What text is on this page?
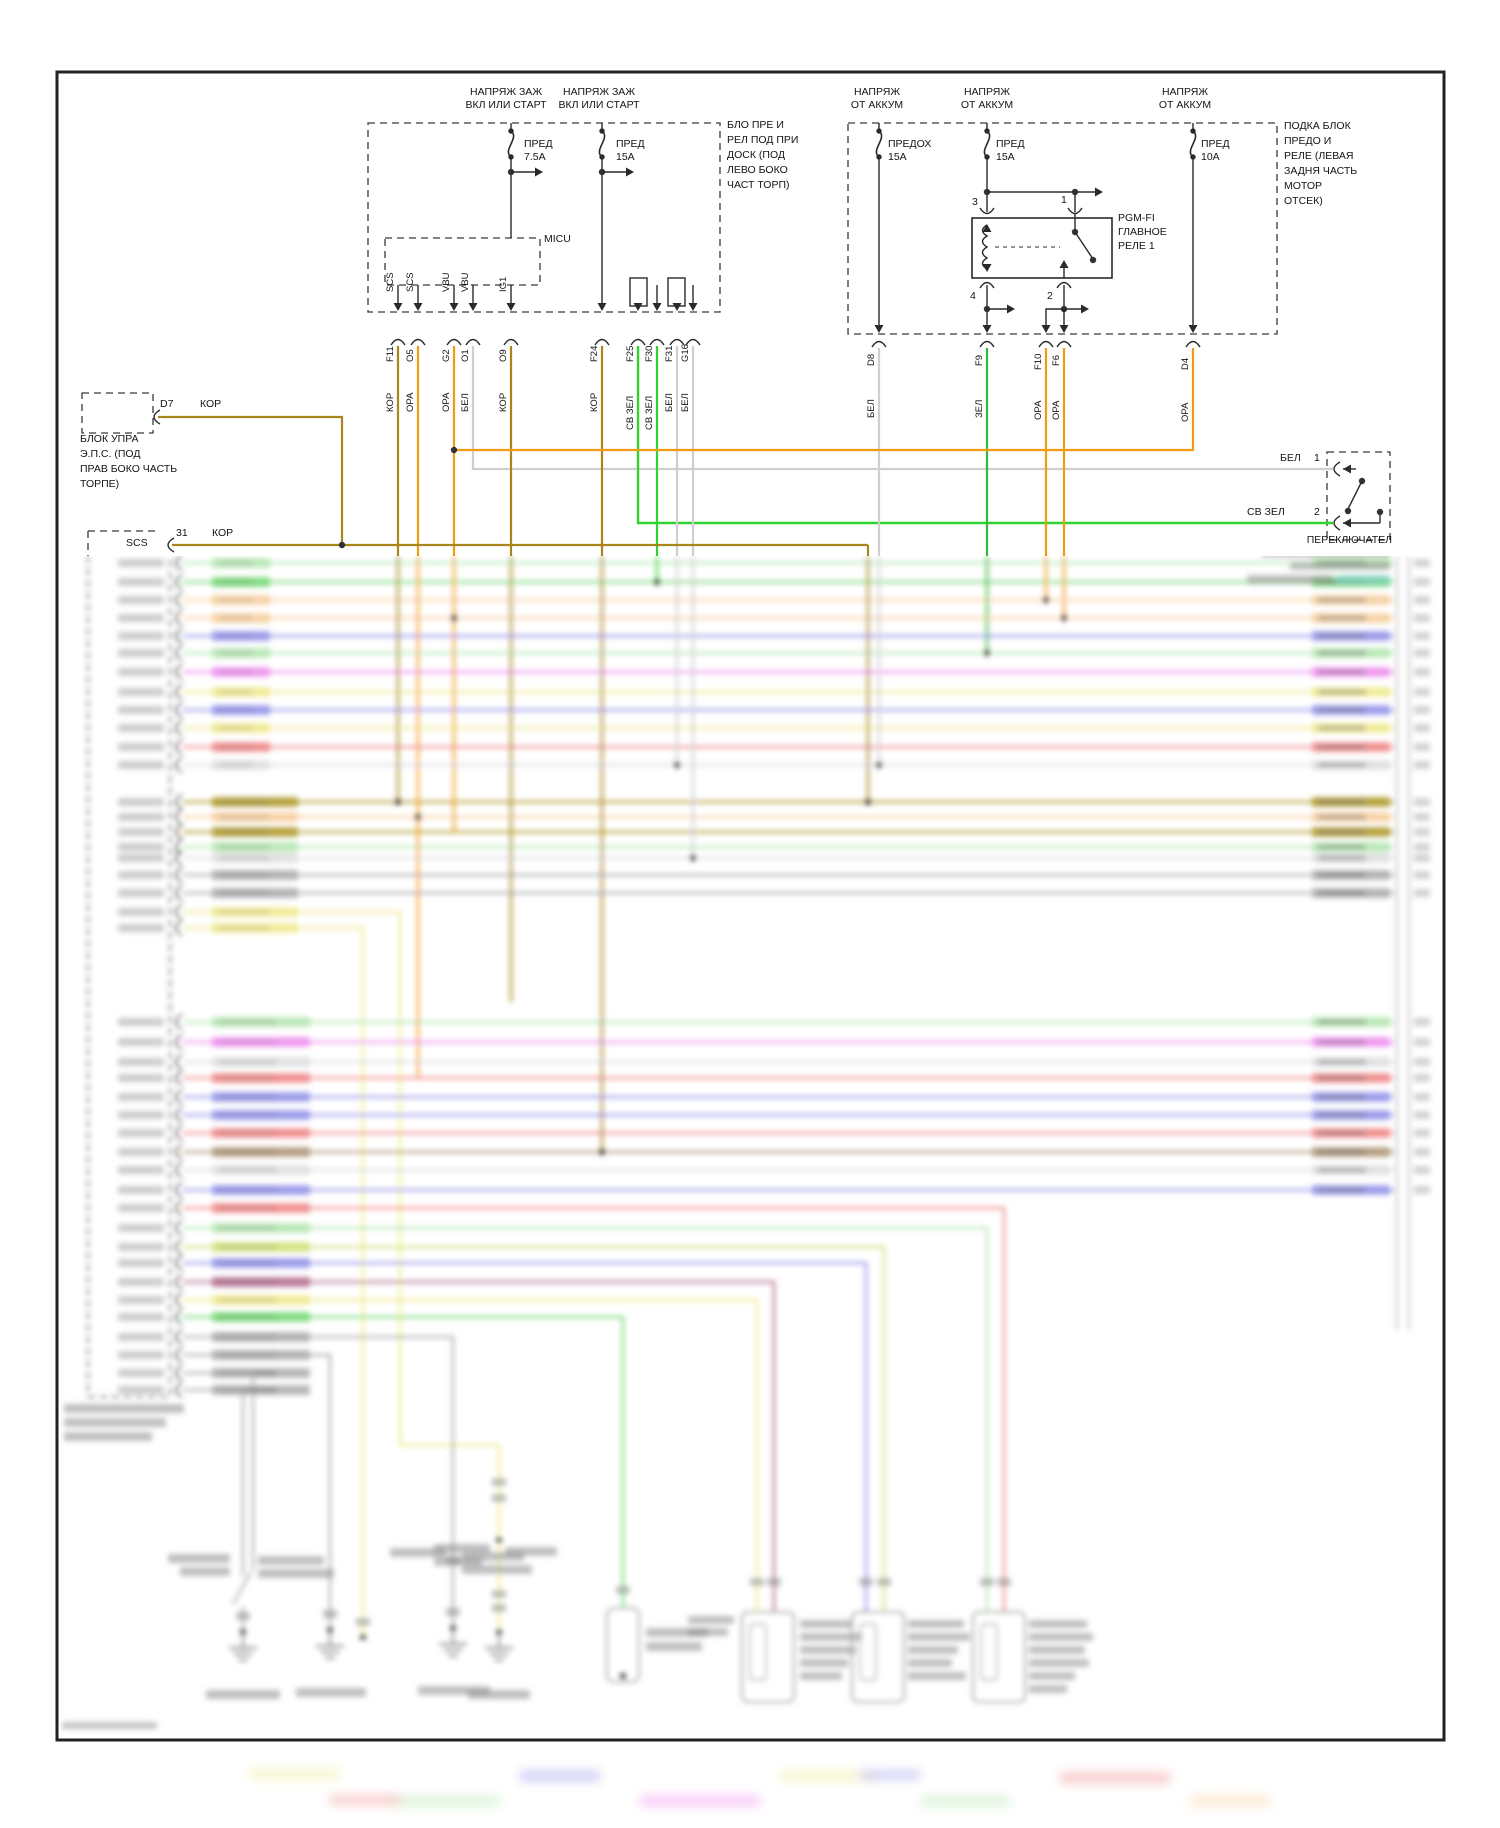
НАПРЯЖ ЗАЖ
ВКЛ ИЛИ СТАРТ
НАПРЯЖ ЗАЖ
ВКЛ ИЛИ СТАРТ
БЛО ПРЕ И
РЕЛ ПОД ПРИ
ДОСК (ПОД
ЛЕВО БОКО
ЧАСТ ТОРП)
ПРЕД
7.5A
ПРЕД
15A
MICU
НАПРЯЖ
ОТ АККУМ
НАПРЯЖ
ОТ АККУМ
НАПРЯЖ
ОТ АККУМ
ПРЕДОХ
15A
ПРЕД
15A
ПРЕД
10A
PGM-FI
ГЛАВНОЕ
РЕЛЕ 1
ПОДКА БЛОК
ПРЕДО И
РЕЛЕ (ЛЕВАЯ
ЗАДНЯ ЧАСТЬ
МОТОР
ОТСЕК)
3	1
4	2
D7	КОР
БЛОК УПРА
Э.П.С. (ПОД
ПРАВ БОКО ЧАСТЬ
ТОРПЕ)
SCS
31 КОР
БЕЛ 1
СВ ЗЕЛ	2
ПЕРЕКЛЮЧАТЕЛ
SCS SCS	VBU VBU	IG1
F11 O5	G2 O1	O9	F24	F25 F30 F31 G16
КОР ОРА	ОРА БЕЛ	КОР	КОР	СВ ЗЕЛ СВ ЗЕЛ БЕЛ БЕЛ
D8	F9	F10 F6	D4
БЕЛ	ЗЕЛ	ОРА ОРА	ОРА
